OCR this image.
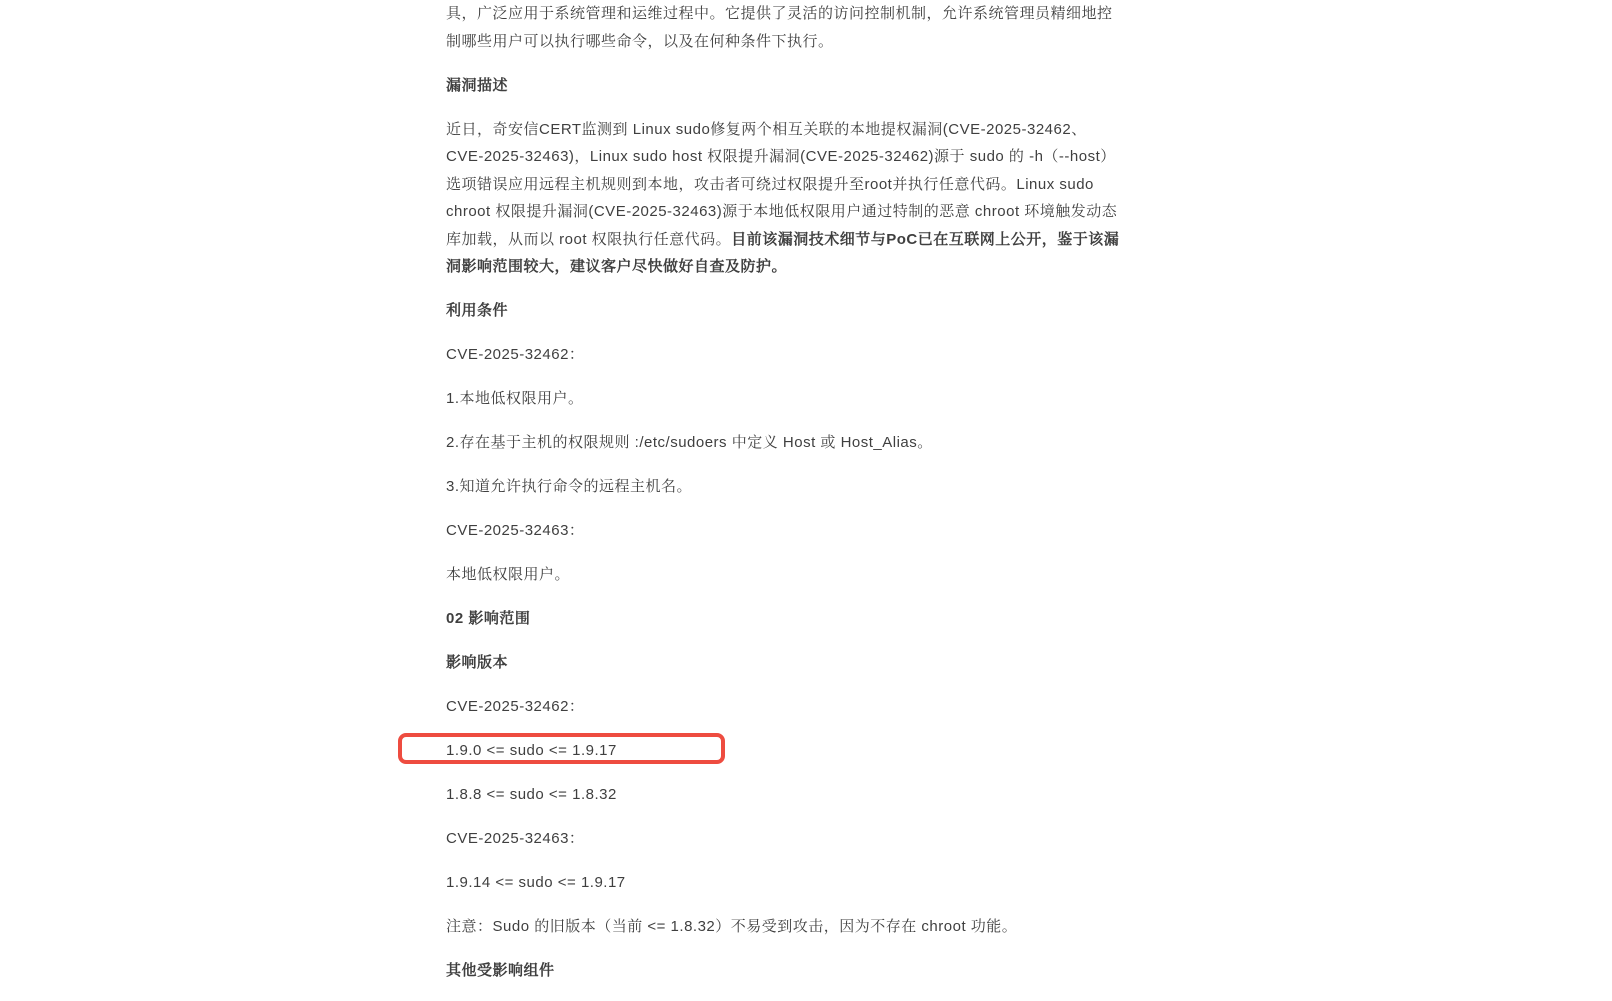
具，广泛应用于系统管理和运维过程中。它提供了灵活的访问控制机制，允许系统管理员精细地控制哪些用户可以执行哪些命令，以及在何种条件下执行。

漏洞描述

近日，奇安信CERT监测到 Linux sudo修复两个相互关联的本地提权漏洞(CVE-2025-32462、CVE-2025-32463)，Linux sudo host 权限提升漏洞(CVE-2025-32462)源于 sudo 的 -h（--host）选项错误应用远程主机规则到本地，攻击者可绕过权限提升至root并执行任意代码。Linux sudo chroot 权限提升漏洞(CVE-2025-32463)源于本地低权限用户通过特制的恶意 chroot 环境触发动态库加载，从而以 root 权限执行任意代码。目前该漏洞技术细节与PoC已在互联网上公开，鉴于该漏洞影响范围较大，建议客户尽快做好自查及防护。

利用条件

CVE-2025-32462：

1.本地低权限用户。

2.存在基于主机的权限规则 :/etc/sudoers 中定义 Host 或 Host_Alias。

3.知道允许执行命令的远程主机名。

CVE-2025-32463：

本地低权限用户。

02 影响范围

影响版本

CVE-2025-32462：

1.9.0 <= sudo <= 1.9.17

1.8.8 <= sudo <= 1.8.32

CVE-2025-32463：

1.9.14 <= sudo <= 1.9.17

注意：Sudo 的旧版本（当前 <= 1.8.32）不易受到攻击，因为不存在 chroot 功能。

其他受影响组件
